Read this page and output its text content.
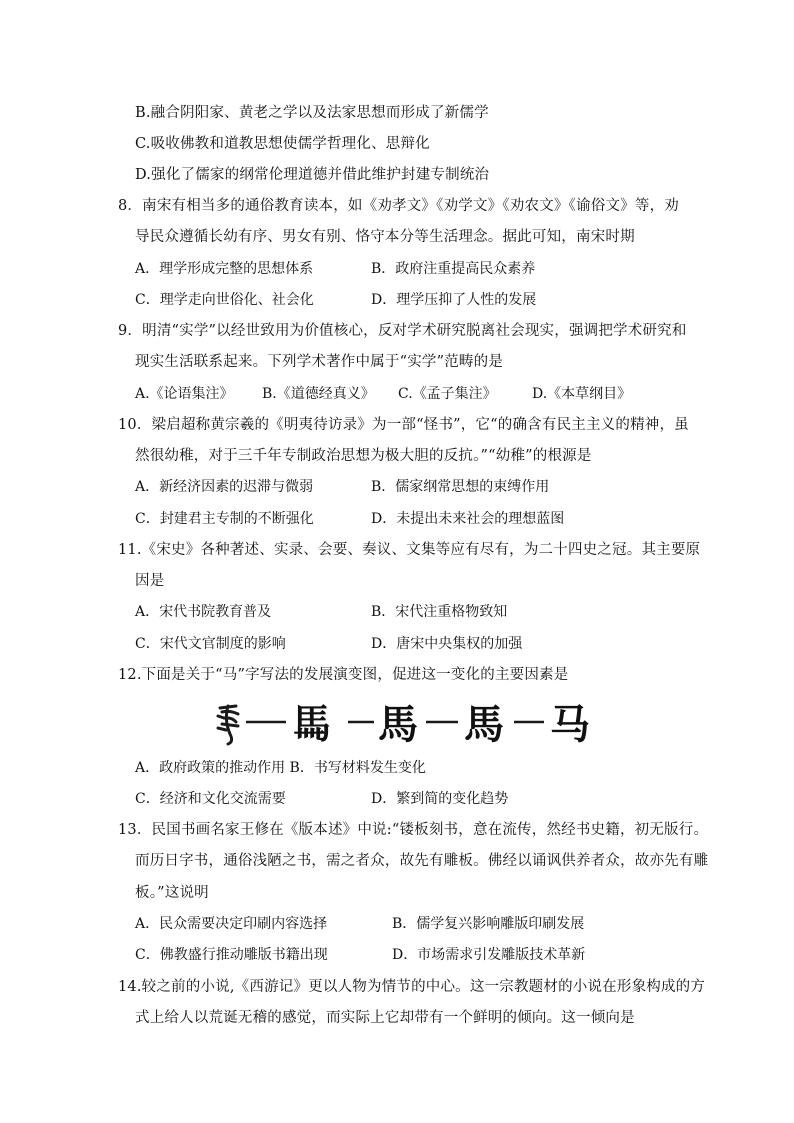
B.融合阴阳家、黄老之学以及法家思想而形成了新儒学
C.吸收佛教和道教思想使儒学哲理化、思辩化
D.强化了儒家的纲常伦理道德并借此维护封建专制统治
8．南宋有相当多的通俗教育读本，如《劝孝文》《劝学文》《劝农文》《谕俗文》等，劝
导民众遵循长幼有序、男女有别、恪守本分等生活理念。据此可知，南宋时期
A．理学形成完整的思想体系	B．政府注重提高民众素养
C．理学走向世俗化、社会化	D．理学压抑了人性的发展
9．明清“实学”以经世致用为价值核心，反对学术研究脱离社会现实，强调把学术研究和
现实生活联系起来。下列学术著作中属于“实学”范畴的是
A.《论语集注》 B.《道德经真义》 C.《孟子集注》	D.《本草纲目》
10．梁启超称黄宗羲的《明夷待访录》为一部“怪书”，它“的确含有民主主义的精神，虽
然很幼稚，对于三千年专制政治思想为极大胆的反抗。”“幼稚”的根源是
A．新经济因素的迟滞与微弱	B．儒家纲常思想的束缚作用
C．封建君主专制的不断强化	D．未提出未来社会的理想蓝图
11.《宋史》各种著述、实录、会要、奏议、文集等应有尽有，为二十四史之冠。其主要原
因是
A．宋代书院教育普及	B．宋代注重格物致知
C．宋代文官制度的影响	D．唐宋中央集权的加强
12.下面是关于“马”字写法的发展演变图，促进这一变化的主要因素是
𩡧 馬 馬 马
A．政府政策的推动作用 B．书写材料发生变化
C．经济和文化交流需要	D．繁到简的变化趋势
13．民国书画名家王修在《版本述》中说:“镂板刻书，意在流传，然经书史籍，初无版行。
而历日字书，通俗浅陋之书，需之者众，故先有雕板。佛经以诵讽供养者众，故亦先有雕
板。”这说明
A．民众需要决定印刷内容选择	B．儒学复兴影响雕版印刷发展
C．佛教盛行推动雕版书籍出现	D．市场需求引发雕版技术革新
14.较之前的小说,《西游记》更以人物为情节的中心。这一宗教题材的小说在形象构成的方
式上给人以荒诞无稽的感觉，而实际上它却带有一个鲜明的倾向。这一倾向是
